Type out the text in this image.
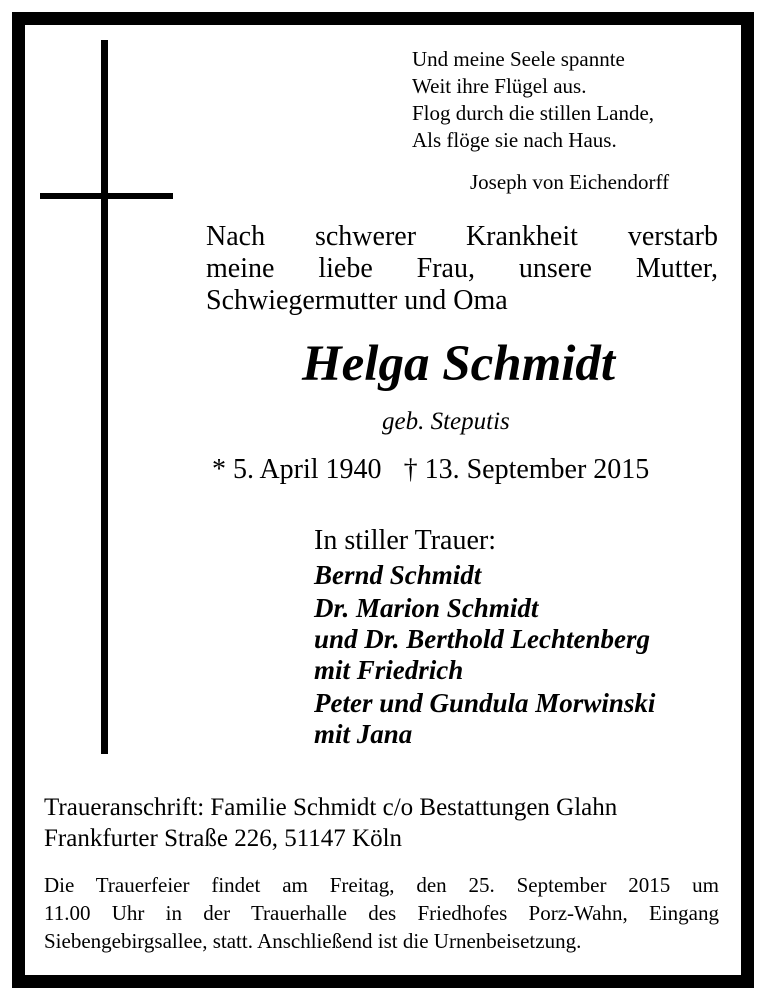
Und meine Seele spannte
Weit ihre Flügel aus.
Flog durch die stillen Lande,
Als flöge sie nach Haus.
Joseph von Eichendorff
Nach schwerer Krankheit verstarb
meine liebe Frau, unsere Mutter,
Schwiegermutter und Oma
Helga Schmidt
geb. Steputis
* 5. April 1940 † 13. September 2015
In stiller Trauer:
Bernd Schmidt
Dr. Marion Schmidt
und Dr. Berthold Lechtenberg
mit Friedrich
Peter und Gundula Morwinski
mit Jana
Traueranschrift: Familie Schmidt c/o Bestattungen Glahn
Frankfurter Straße 226, 51147 Köln
Die Trauerfeier findet am Freitag, den 25. September 2015 um
11.00 Uhr in der Trauerhalle des Friedhofes Porz-Wahn, Eingang
Siebengebirgsallee, statt. Anschließend ist die Urnenbeisetzung.
